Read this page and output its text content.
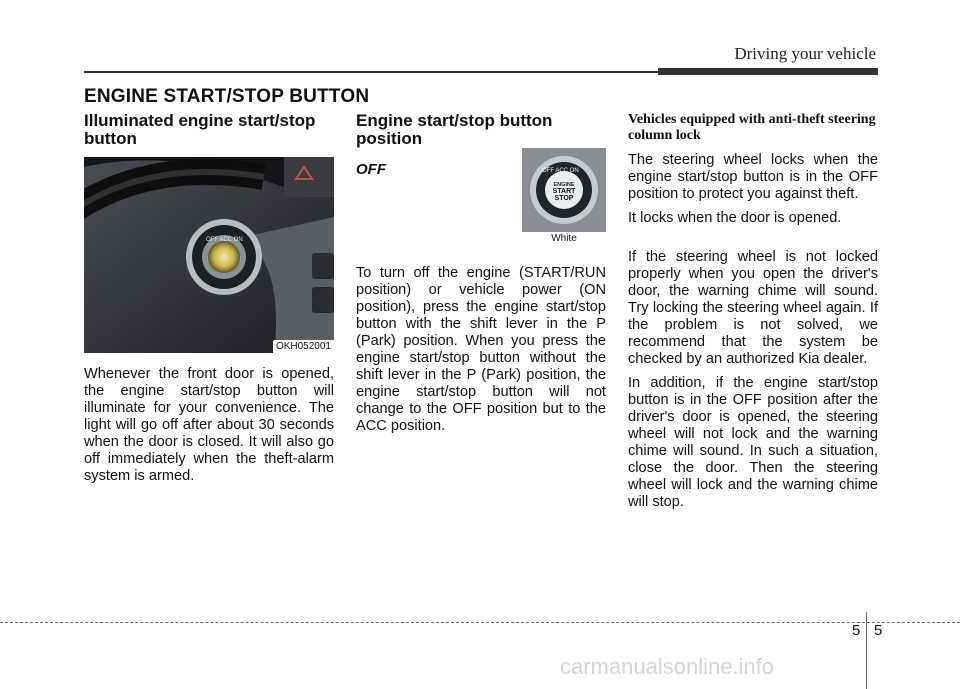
Driving your vehicle
ENGINE START/STOP BUTTON

Illuminated engine start/stop button

OFF ACC ON
OKH052001

Whenever the front door is opened, the engine start/stop button will illuminate for your convenience. The light will go off after about 30 seconds when the door is closed. It will also go off immediately when the theft-alarm system is armed.

Engine start/stop button position

OFF	OFF ACC ON
ENGINE
START
STOP
White

To turn off the engine (START/RUN position) or vehicle power (ON position), press the engine start/stop button with the shift lever in the P (Park) position. When you press the engine start/stop button without the shift lever in the P (Park) position, the engine start/stop button will not change to the OFF position but to the ACC position.

Vehicles equipped with anti-theft steering column lock

The steering wheel locks when the engine start/stop button is in the OFF position to protect you against theft.

It locks when the door is opened.

If the steering wheel is not locked properly when you open the driver's door, the warning chime will sound. Try locking the steering wheel again. If the problem is not solved, we recommend that the system be checked by an authorized Kia dealer.

In addition, if the engine start/stop button is in the OFF position after the driver's door is opened, the steering wheel will not lock and the warning chime will sound. In such a situation, close the door. Then the steering wheel will lock and the warning chime will stop.

5 5
carmanualsonline.info
